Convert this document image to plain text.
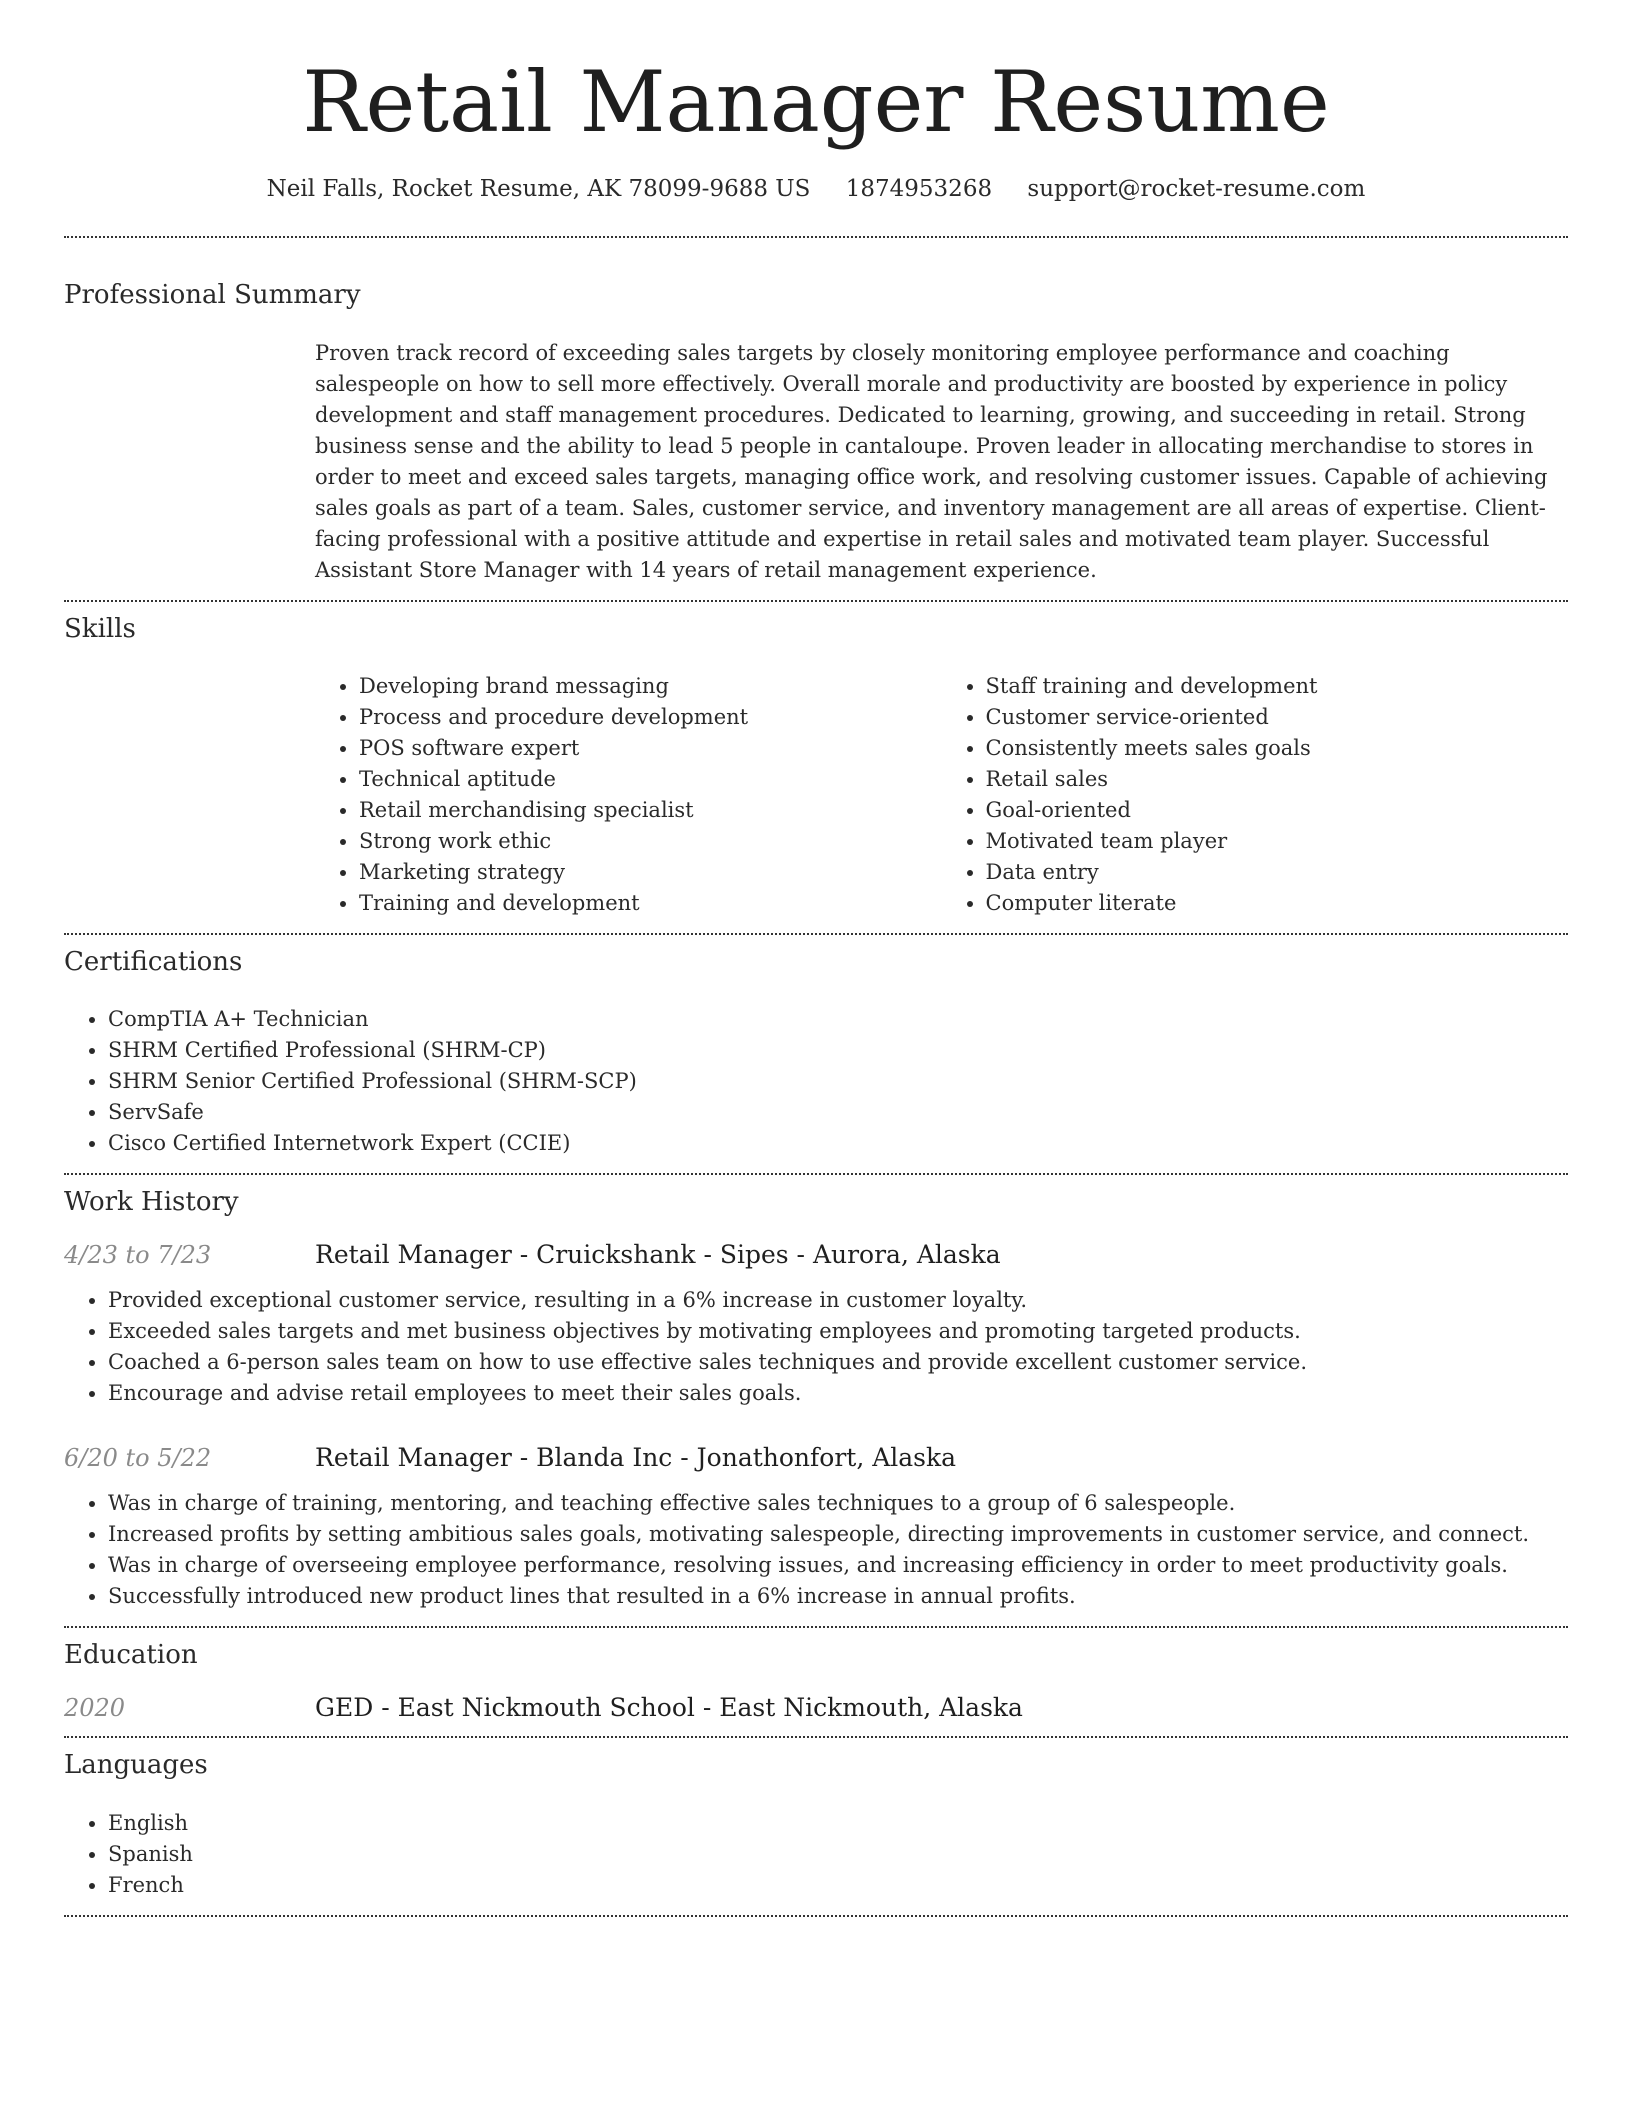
Retail Manager Resume
Neil Falls, Rocket Resume, AK 78099-9688 US 1874953268 support@rocket-resume.com
Professional Summary
Proven track record of exceeding sales targets by closely monitoring employee performance and coaching salespeople on how to sell more effectively. Overall morale and productivity are boosted by experience in policy development and staff management procedures. Dedicated to learning, growing, and succeeding in retail. Strong business sense and the ability to lead 5 people in cantaloupe. Proven leader in allocating merchandise to stores in order to meet and exceed sales targets, managing office work, and resolving customer issues. Capable of achieving sales goals as part of a team. Sales, customer service, and inventory management are all areas of expertise. Client-facing professional with a positive attitude and expertise in retail sales and motivated team player. Successful Assistant Store Manager with 14 years of retail management experience.
Skills
• Developing brand messaging
• Process and procedure development
• POS software expert
• Technical aptitude
• Retail merchandising specialist
• Strong work ethic
• Marketing strategy
• Training and development
• Staff training and development
• Customer service-oriented
• Consistently meets sales goals
• Retail sales
• Goal-oriented
• Motivated team player
• Data entry
• Computer literate
Certifications
• CompTIA A+ Technician
• SHRM Certified Professional (SHRM-CP)
• SHRM Senior Certified Professional (SHRM-SCP)
• ServSafe
• Cisco Certified Internetwork Expert (CCIE)
Work History
4/23 to 7/23	Retail Manager - Cruickshank - Sipes - Aurora, Alaska
• Provided exceptional customer service, resulting in a 6% increase in customer loyalty.
• Exceeded sales targets and met business objectives by motivating employees and promoting targeted products.
• Coached a 6-person sales team on how to use effective sales techniques and provide excellent customer service.
• Encourage and advise retail employees to meet their sales goals.
6/20 to 5/22	Retail Manager - Blanda Inc - Jonathonfort, Alaska
• Was in charge of training, mentoring, and teaching effective sales techniques to a group of 6 salespeople.
• Increased profits by setting ambitious sales goals, motivating salespeople, directing improvements in customer service, and connect.
• Was in charge of overseeing employee performance, resolving issues, and increasing efficiency in order to meet productivity goals.
• Successfully introduced new product lines that resulted in a 6% increase in annual profits.
Education
2020	GED - East Nickmouth School - East Nickmouth, Alaska
Languages
• English
• Spanish
• French
